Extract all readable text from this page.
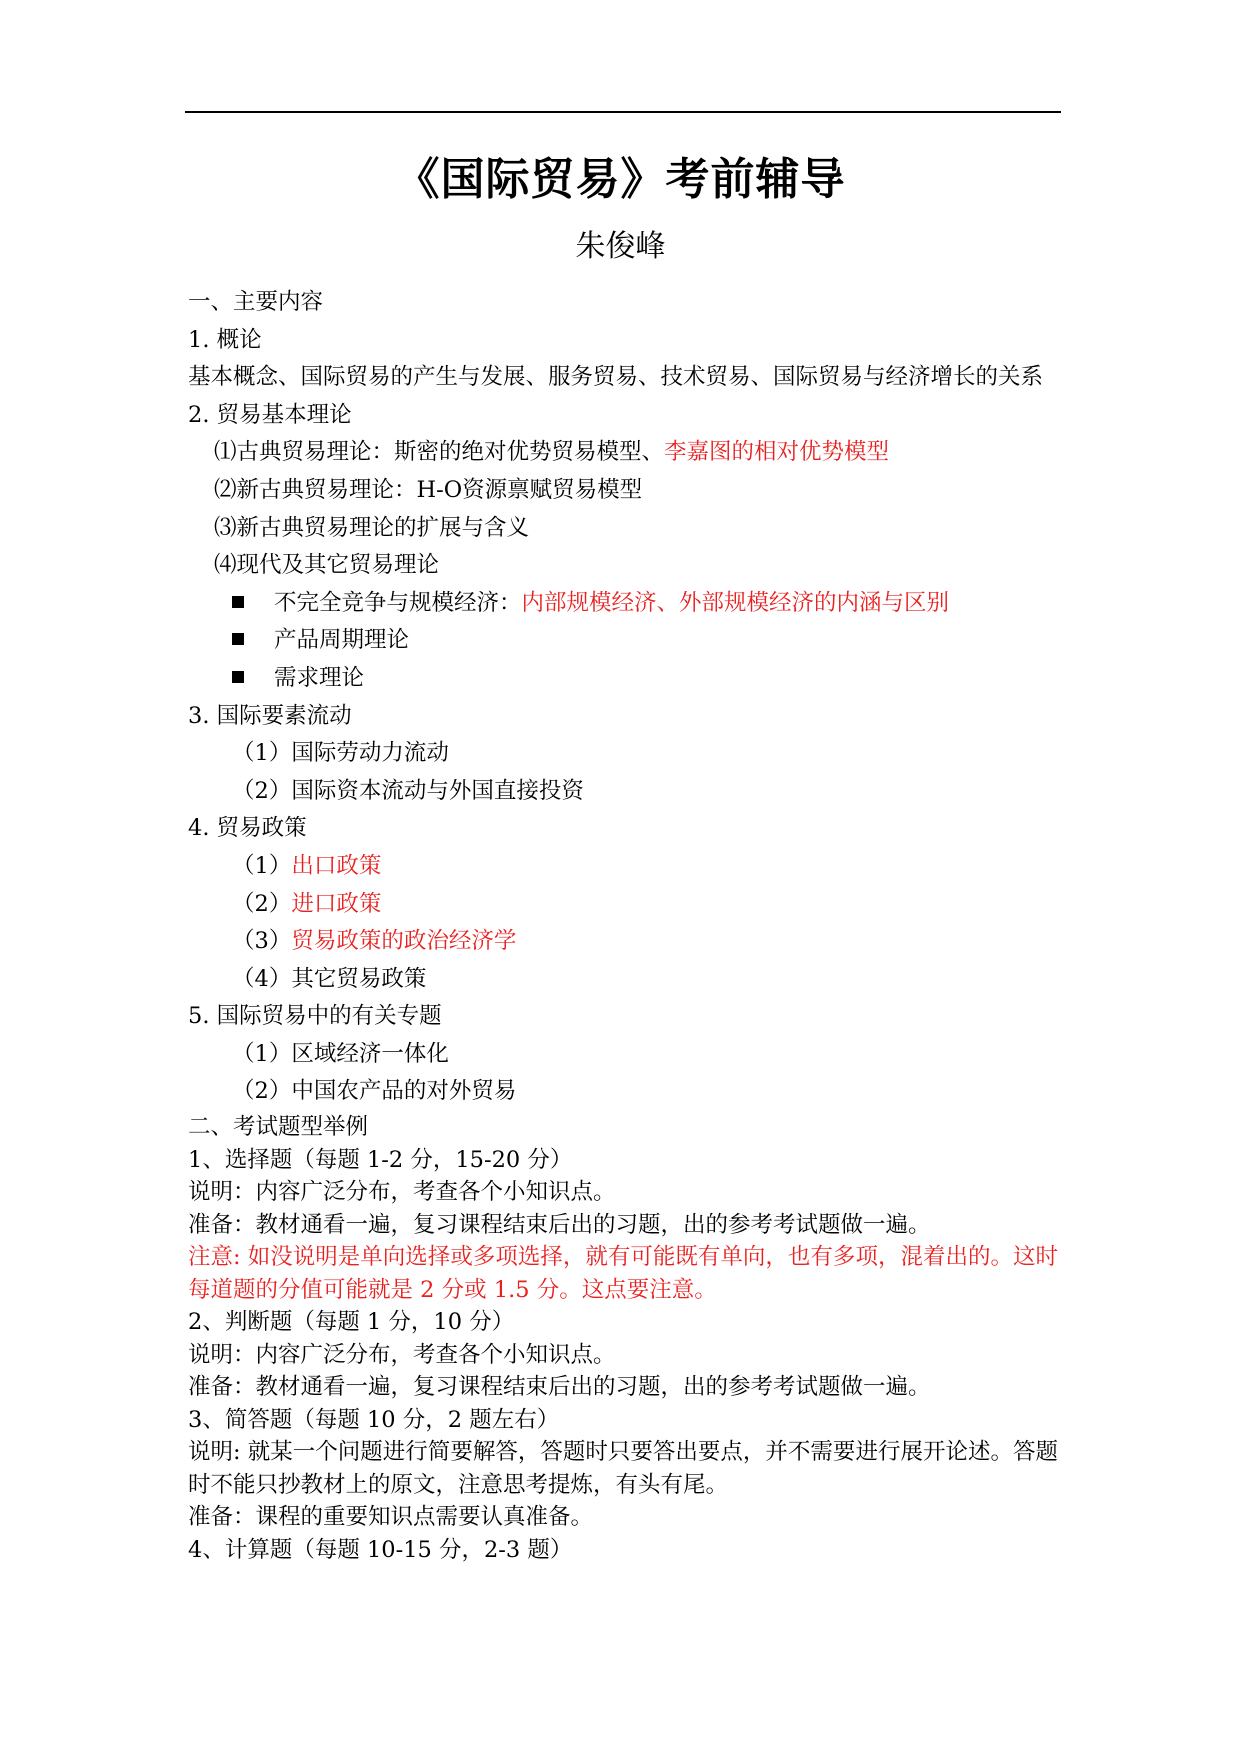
《国际贸易》考前辅导
朱俊峰
一、主要内容
1. 概论
基本概念、国际贸易的产生与发展、服务贸易、技术贸易、国际贸易与经济增长的关系
2. 贸易基本理论
⑴古典贸易理论：斯密的绝对优势贸易模型、李嘉图的相对优势模型
⑵新古典贸易理论：H-O资源禀赋贸易模型
⑶新古典贸易理论的扩展与含义
⑷现代及其它贸易理论
不完全竞争与规模经济：内部规模经济、外部规模经济的内涵与区别
产品周期理论
需求理论
3. 国际要素流动
（1）国际劳动力流动
（2）国际资本流动与外国直接投资
4. 贸易政策
（1）出口政策
（2）进口政策
（3）贸易政策的政治经济学
（4）其它贸易政策
5. 国际贸易中的有关专题
（1）区域经济一体化
（2）中国农产品的对外贸易
二、考试题型举例
1、选择题（每题 1-2 分，15-20 分）
说明：内容广泛分布，考查各个小知识点。
准备：教材通看一遍，复习课程结束后出的习题，出的参考考试题做一遍。
注意: 如没说明是单向选择或多项选择，就有可能既有单向，也有多项，混着出的。这时每道题的分值可能就是 2 分或 1.5 分。这点要注意。
2、判断题（每题 1 分，10 分）
说明：内容广泛分布，考查各个小知识点。
准备：教材通看一遍，复习课程结束后出的习题，出的参考考试题做一遍。
3、简答题（每题 10 分，2 题左右）
说明: 就某一个问题进行简要解答，答题时只要答出要点，并不需要进行展开论述。答题时不能只抄教材上的原文，注意思考提炼，有头有尾。
准备：课程的重要知识点需要认真准备。
4、计算题（每题 10-15 分，2-3 题）
